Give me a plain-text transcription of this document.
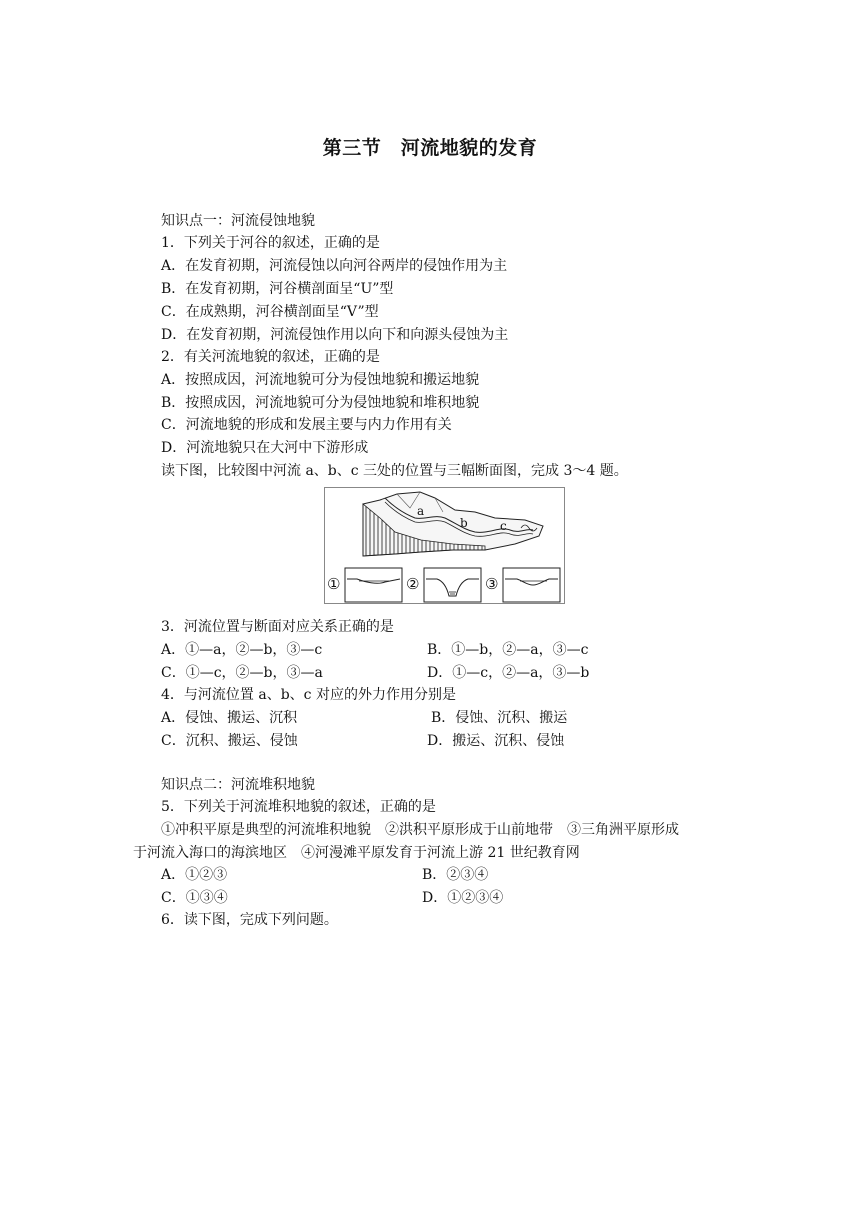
第三节　河流地貌的发育
知识点一：河流侵蚀地貌
1．下列关于河谷的叙述，正确的是
A．在发育初期，河流侵蚀以向河谷两岸的侵蚀作用为主
B．在发育初期，河谷横剖面呈“U”型
C．在成熟期，河谷横剖面呈“V”型
D．在发育初期，河流侵蚀作用以向下和向源头侵蚀为主
2．有关河流地貌的叙述，正确的是
A．按照成因，河流地貌可分为侵蚀地貌和搬运地貌
B．按照成因，河流地貌可分为侵蚀地貌和堆积地貌
C．河流地貌的形成和发展主要与内力作用有关
D．河流地貌只在大河中下游形成
读下图，比较图中河流 a、b、c 三处的位置与三幅断面图，完成 3～4 题。
a
b	c
①	②	③
3．河流位置与断面对应关系正确的是
A．①—a，②—b，③—c	B．①—b，②—a，③—c
C．①—c，②—b，③—a	D．①—c，②—a，③—b
4．与河流位置 a、b、c 对应的外力作用分别是
A．侵蚀、搬运、沉积	B．侵蚀、沉积、搬运
C．沉积、搬运、侵蚀	D．搬运、沉积、侵蚀
知识点二：河流堆积地貌
5．下列关于河流堆积地貌的叙述，正确的是
①冲积平原是典型的河流堆积地貌　②洪积平原形成于山前地带　③三角洲平原形成
于河流入海口的海滨地区　④河漫滩平原发育于河流上游 21 世纪教育网
A．①②③	B．②③④
C．①③④	D．①②③④
6．读下图，完成下列问题。
